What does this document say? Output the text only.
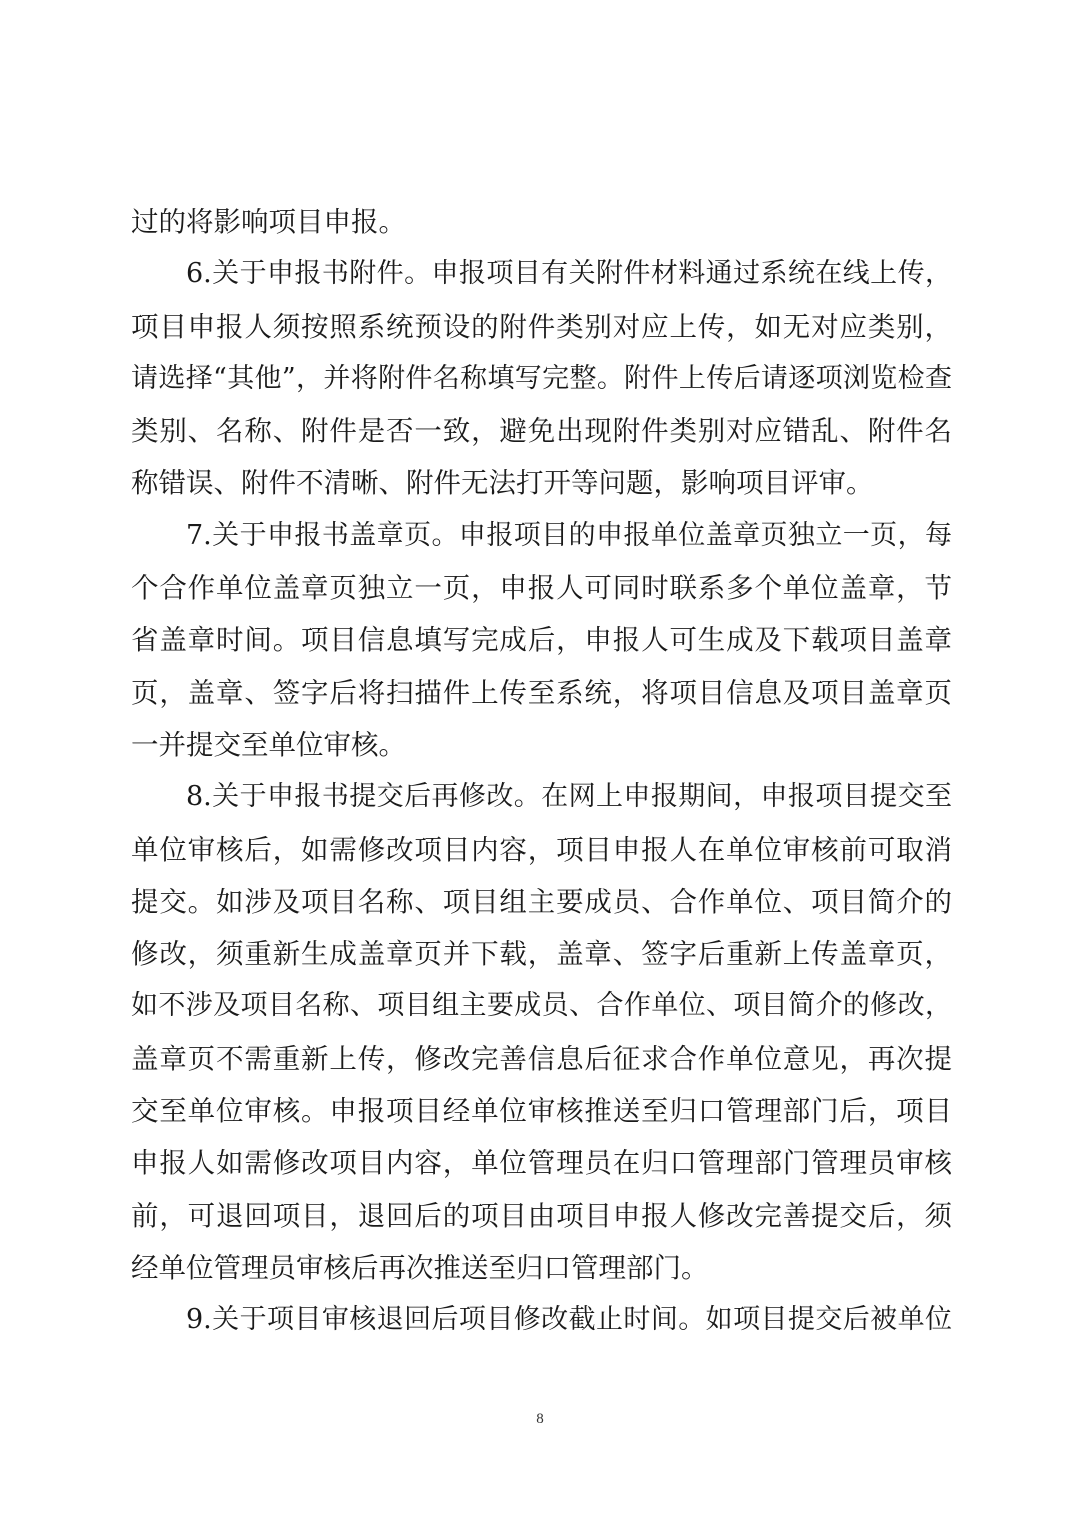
过的将影响项目申报。
6.关于申报书附件。申报项目有关附件材料通过系统在线上传，
项目申报人须按照系统预设的附件类别对应上传，如无对应类别，
请选择“其他”，并将附件名称填写完整。附件上传后请逐项浏览检查
类别、名称、附件是否一致，避免出现附件类别对应错乱、附件名
称错误、附件不清晰、附件无法打开等问题，影响项目评审。
7.关于申报书盖章页。申报项目的申报单位盖章页独立一页，每
个合作单位盖章页独立一页，申报人可同时联系多个单位盖章，节
省盖章时间。项目信息填写完成后，申报人可生成及下载项目盖章
页，盖章、签字后将扫描件上传至系统，将项目信息及项目盖章页
一并提交至单位审核。
8.关于申报书提交后再修改。在网上申报期间，申报项目提交至
单位审核后，如需修改项目内容，项目申报人在单位审核前可取消
提交。如涉及项目名称、项目组主要成员、合作单位、项目简介的
修改，须重新生成盖章页并下载，盖章、签字后重新上传盖章页，
如不涉及项目名称、项目组主要成员、合作单位、项目简介的修改，
盖章页不需重新上传，修改完善信息后征求合作单位意见，再次提
交至单位审核。申报项目经单位审核推送至归口管理部门后，项目
申报人如需修改项目内容，单位管理员在归口管理部门管理员审核
前，可退回项目，退回后的项目由项目申报人修改完善提交后，须
经单位管理员审核后再次推送至归口管理部门。
9.关于项目审核退回后项目修改截止时间。如项目提交后被单位
8
